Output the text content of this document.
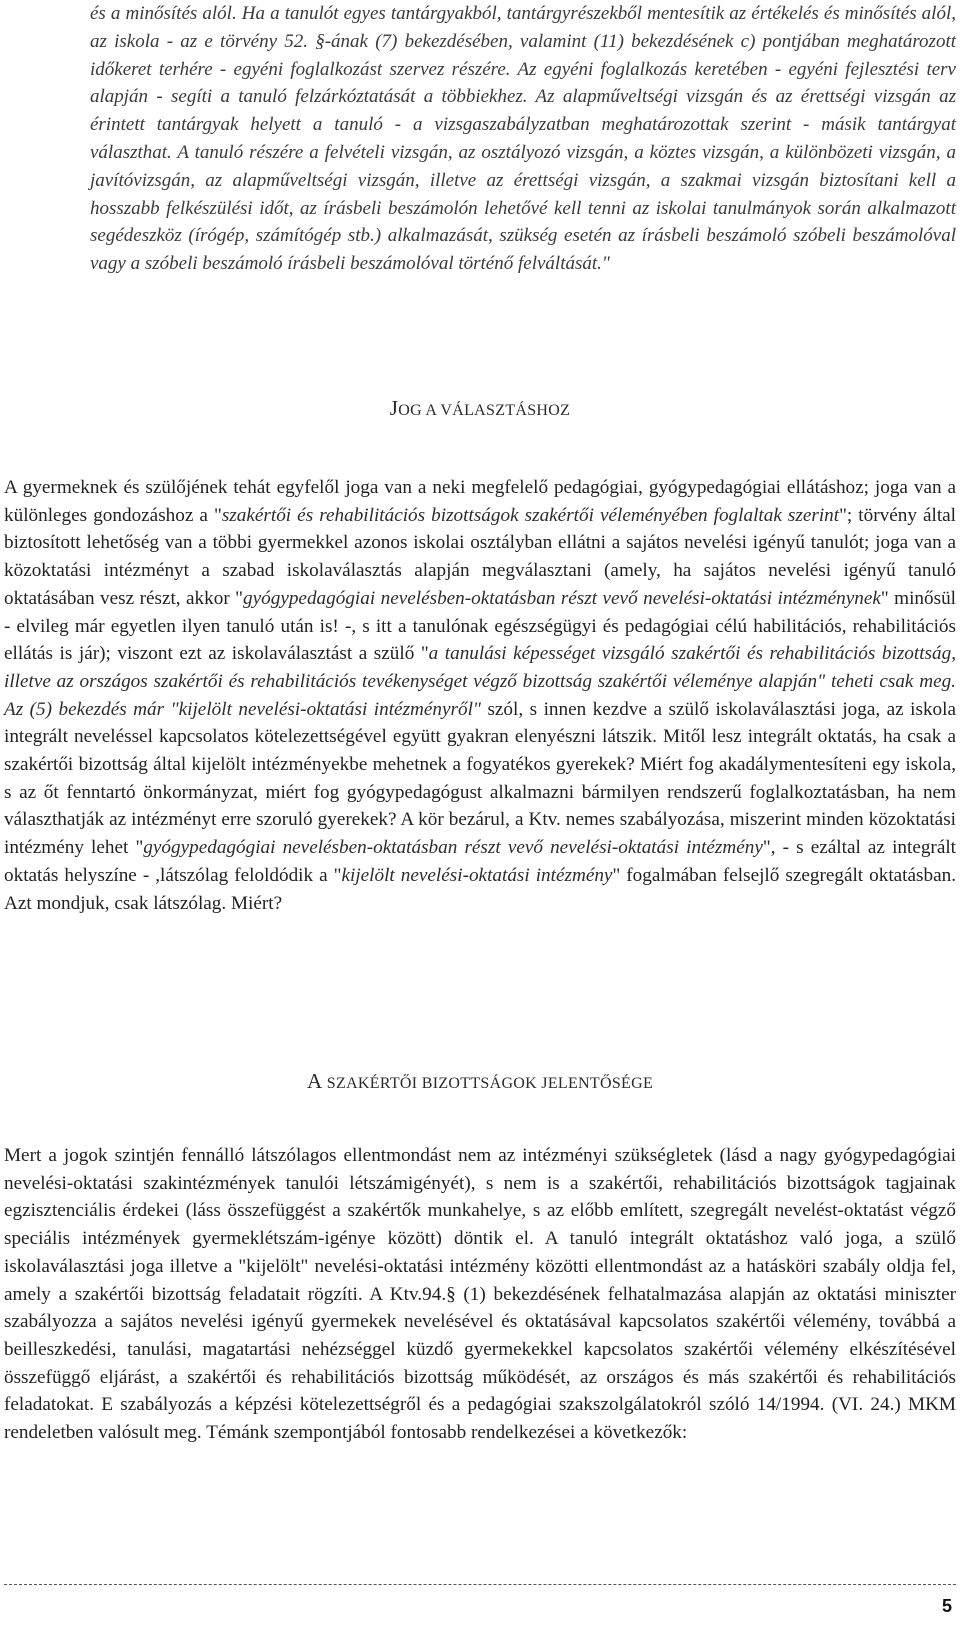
és a minősítés alól. Ha a tanulót egyes tantárgyakból, tantárgyrészekből mentesítik az értékelés és minősítés alól, az iskola - az e törvény 52. §-ának (7) bekezdésében, valamint (11) bekezdésének c) pontjában meghatározott időkeret terhére - egyéni foglalkozást szervez részére. Az egyéni foglalkozás keretében - egyéni fejlesztési terv alapján - segíti a tanuló felzárkóztatását a többiekhez. Az alapműveltségi vizsgán és az érettségi vizsgán az érintett tantárgyak helyett a tanuló - a vizsgaszabályzatban meghatározottak szerint - másik tantárgyat választhat. A tanuló részére a felvételi vizsgán, az osztályozó vizsgán, a köztes vizsgán, a különbözeti vizsgán, a javítóvizsgán, az alapműveltségi vizsgán, illetve az érettségi vizsgán, a szakmai vizsgán biztosítani kell a hosszabb felkészülési időt, az írásbeli beszámolón lehetővé kell tenni az iskolai tanulmányok során alkalmazott segédeszköz (írógép, számítógép stb.) alkalmazását, szükség esetén az írásbeli beszámoló szóbeli beszámolóval vagy a szóbeli beszámoló írásbeli beszámolóval történő felváltását."

JOG A VÁLASZTÁSHOZ

A gyermeknek és szülőjének tehát egyfelől joga van a neki megfelelő pedagógiai, gyógypedagógiai ellátáshoz; joga van a különleges gondozáshoz a "szakértői és rehabilitációs bizottságok szakértői véleményében foglaltak szerint"; törvény által biztosított lehetőség van a többi gyermekkel azonos iskolai osztályban ellátni a sajátos nevelési igényű tanulót; joga van a közoktatási intézményt a szabad iskolaválasztás alapján megválasztani (amely, ha sajátos nevelési igényű tanuló oktatásában vesz részt, akkor "gyógypedagógiai nevelésben-oktatásban részt vevő nevelési-oktatási intézménynek" minősül - elvileg már egyetlen ilyen tanuló után is! -, s itt a tanulónak egészségügyi és pedagógiai célú habilitációs, rehabilitációs ellátás is jár); viszont ezt az iskolaválasztást a szülő "a tanulási képességet vizsgáló szakértői és rehabilitációs bizottság, illetve az országos szakértői és rehabilitációs tevékenységet végző bizottság szakértői véleménye alapján" teheti csak meg. Az (5) bekezdés már "kijelölt nevelési-oktatási intézményről" szól, s innen kezdve a szülő iskolaválasztási joga, az iskola integrált neveléssel kapcsolatos kötelezettségével együtt gyakran elenyészni látszik. Mitől lesz integrált oktatás, ha csak a szakértői bizottság által kijelölt intézményekbe mehetnek a fogyatékos gyerekek? Miért fog akadálymentesíteni egy iskola, s az őt fenntartó önkormányzat, miért fog gyógypedagógust alkalmazni bármilyen rendszerű foglalkoztatásban, ha nem választhatják az intézményt erre szoruló gyerekek? A kör bezárul, a Ktv. nemes szabályozása, miszerint minden közoktatási intézmény lehet "gyógypedagógiai nevelésben-oktatásban részt vevő nevelési-oktatási intézmény", - s ezáltal az integrált oktatás helyszíne - ,látszólag feloldódik a "kijelölt nevelési-oktatási intézmény" fogalmában felsejlő szegregált oktatásban. Azt mondjuk, csak látszólag. Miért?

A SZAKÉRTŐI BIZOTTSÁGOK JELENTŐSÉGE

Mert a jogok szintjén fennálló látszólagos ellentmondást nem az intézményi szükségletek (lásd a nagy gyógypedagógiai nevelési-oktatási szakintézmények tanulói létszámigényét), s nem is a szakértői, rehabilitációs bizottságok tagjainak egzisztenciális érdekei (láss összefüggést a szakértők munkahelye, s az előbb említett, szegregált nevelést-oktatást végző speciális intézmények gyermeklétszám-igénye között) döntik el. A tanuló integrált oktatáshoz való joga, a szülő iskolaválasztási joga illetve a "kijelölt" nevelési-oktatási intézmény közötti ellentmondást az a hatásköri szabály oldja fel, amely a szakértői bizottság feladatait rögzíti. A Ktv.94.§ (1) bekezdésének felhatalmazása alapján az oktatási miniszter szabályozza a sajátos nevelési igényű gyermekek nevelésével és oktatásával kapcsolatos szakértői vélemény, továbbá a beilleszkedési, tanulási, magatartási nehézséggel küzdő gyermekekkel kapcsolatos szakértői vélemény elkészítésével összefüggő eljárást, a szakértői és rehabilitációs bizottság működését, az országos és más szakértői és rehabilitációs feladatokat. E szabályozás a képzési kötelezettségről és a pedagógiai szakszolgálatokról szóló 14/1994. (VI. 24.) MKM rendeletben valósult meg. Témánk szempontjából fontosabb rendelkezései a következők:

5
